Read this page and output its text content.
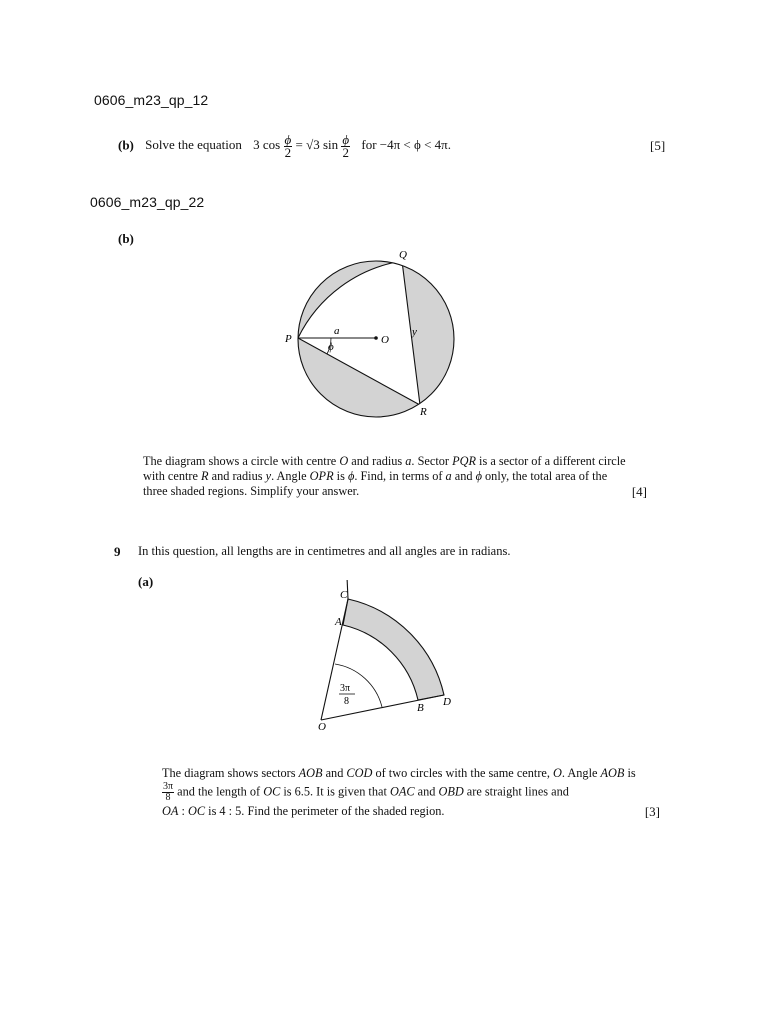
0606_m23_qp_12
(b) Solve the equation 3 $\cos \frac{\phi}{2} = √3$ $\sin \frac{\phi}{2}$ for −4π < ϕ < 4π.	[5]
0606_m23_qp_22
(b)
Q
P	O
R
a
ϕ
y
The diagram shows a circle with centre O and radius a. Sector PQR is a sector of a different circle
with centre R and radius y. Angle OPR is ϕ. Find, in terms of a and ϕ only, the total area of the
three shaded regions. Simplify your answer.	[4]
9 In this question, all lengths are in centimetres and all angles are in radians.
(a)
C
A
O
B D
3π
8
The diagram shows sectors AOB and COD of two circles with the same centre, O. Angle AOB is
$\frac{3\pi}{8}$ and the length of OC is 6.5. It is given that OAC and OBD are straight lines and
OA : OC is 4 : 5. Find the perimeter of the shaded region.	[3]
